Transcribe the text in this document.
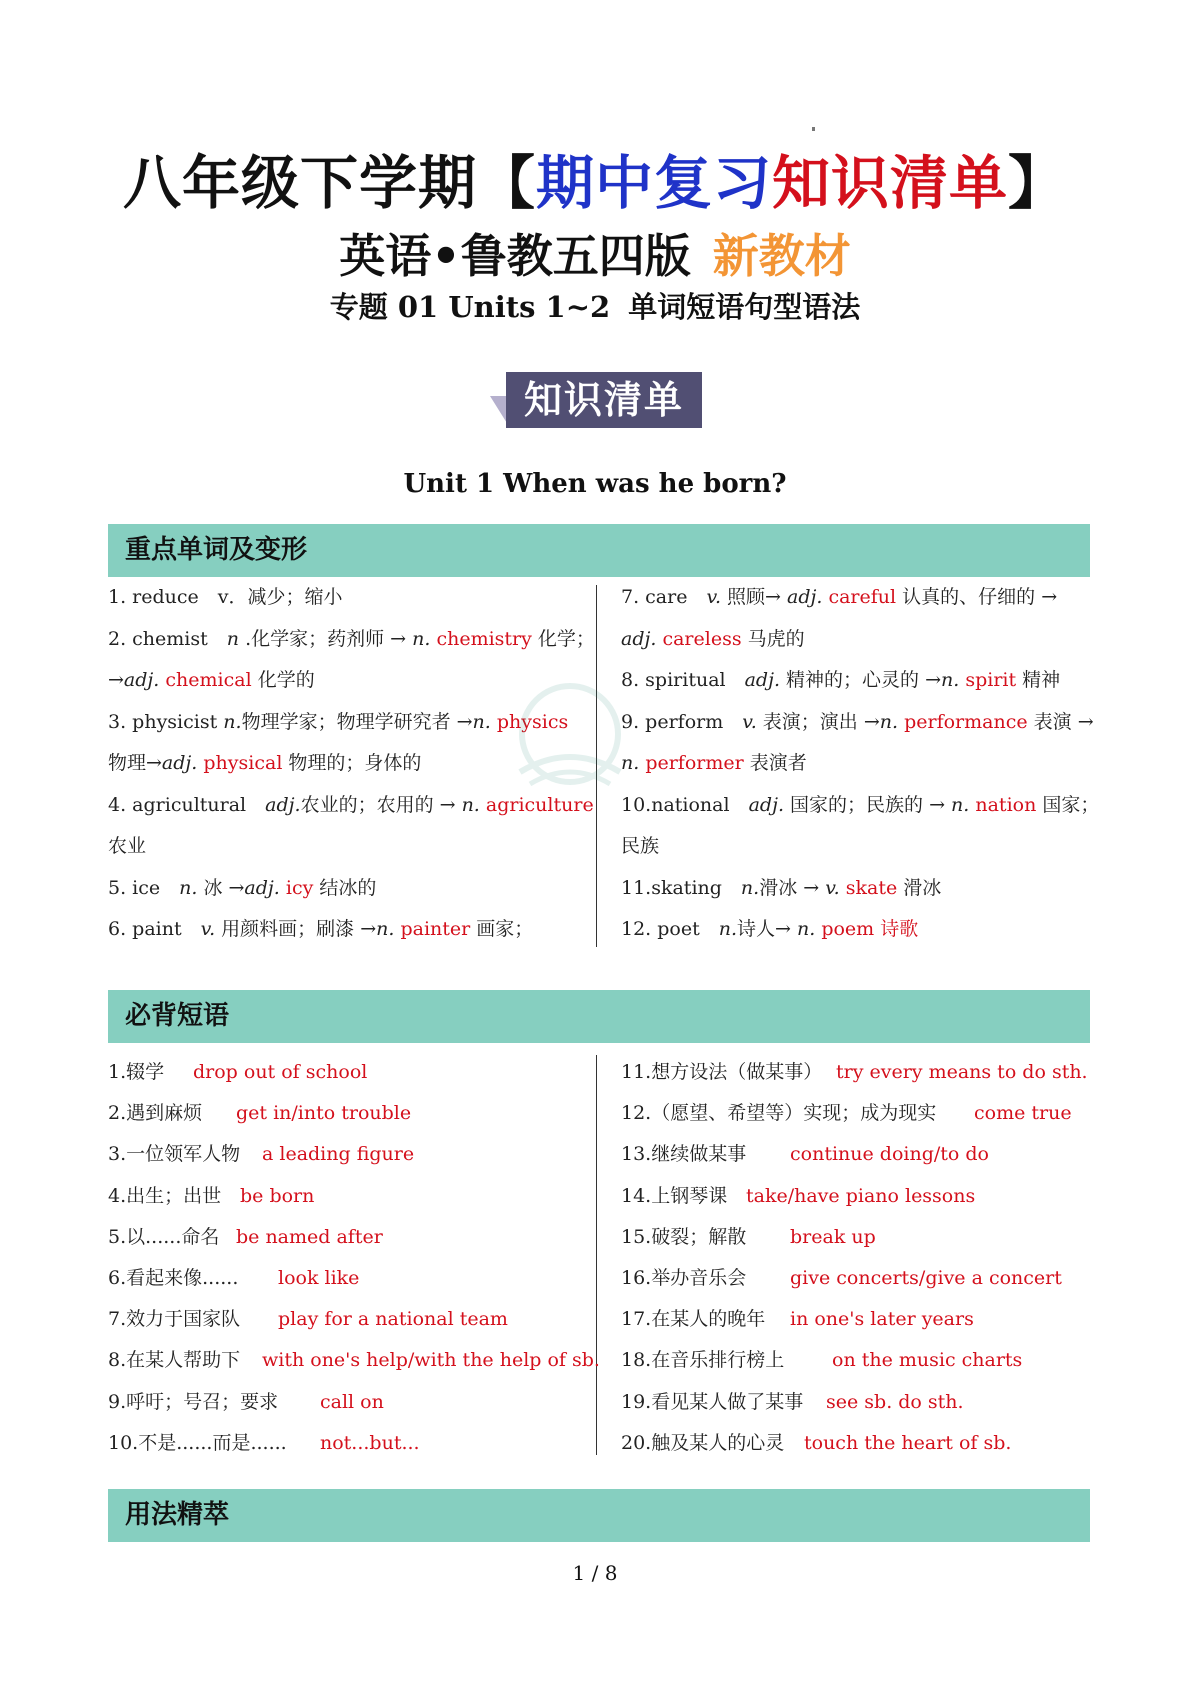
八年级下学期【期中复习知识清单】
英语•鲁教五四版 新教材
专题 01 Units 1~2 单词短语句型语法
知识清单
Unit 1 When was he born?
重点单词及变形
1. reduce　v．减少；缩小
2. chemist　n .化学家；药剂师 → n. chemistry 化学；
→adj. chemical 化学的
3. physicist n.物理学家；物理学研究者 →n. physics
物理→adj. physical 物理的；身体的
4. agricultural　adj.农业的；农用的 → n. agriculture
农业
5. ice　n. 冰 →adj. icy 结冰的
6. paint　v. 用颜料画；刷漆 →n. painter 画家；
7. care　v. 照顾→ adj. careful 认真的、仔细的 →
adj. careless 马虎的
8. spiritual　adj. 精神的；心灵的 →n. spirit 精神
9. perform　v. 表演；演出 →n. performance 表演 →
n. performer 表演者
10.national　adj. 国家的；民族的 → n. nation 国家；
民族
11.skating　n.滑冰 → v. skate 滑冰
12. poet　n.诗人→ n. poem 诗歌
必背短语
1.辍学 drop out of school
2.遇到麻烦 get in/into trouble
3.一位领军人物 a leading figure
4.出生；出世 be born
5.以......命名 be named after
6.看起来像...... look like
7.效力于国家队 play for a national team
8.在某人帮助下 with one's help/with the help of sb.
9.呼吁；号召；要求 call on
10.不是......而是...... not...but...
11.想方设法（做某事） try every means to do sth.
12.（愿望、希望等）实现；成为现实 come true
13.继续做某事 continue doing/to do
14.上钢琴课 take/have piano lessons
15.破裂；解散 break up
16.举办音乐会 give concerts/give a concert
17.在某人的晚年 in one's later years
18.在音乐排行榜上	on the music charts
19.看见某人做了某事 see sb. do sth.
20.触及某人的心灵 touch the heart of sb.
用法精萃
1 / 8
